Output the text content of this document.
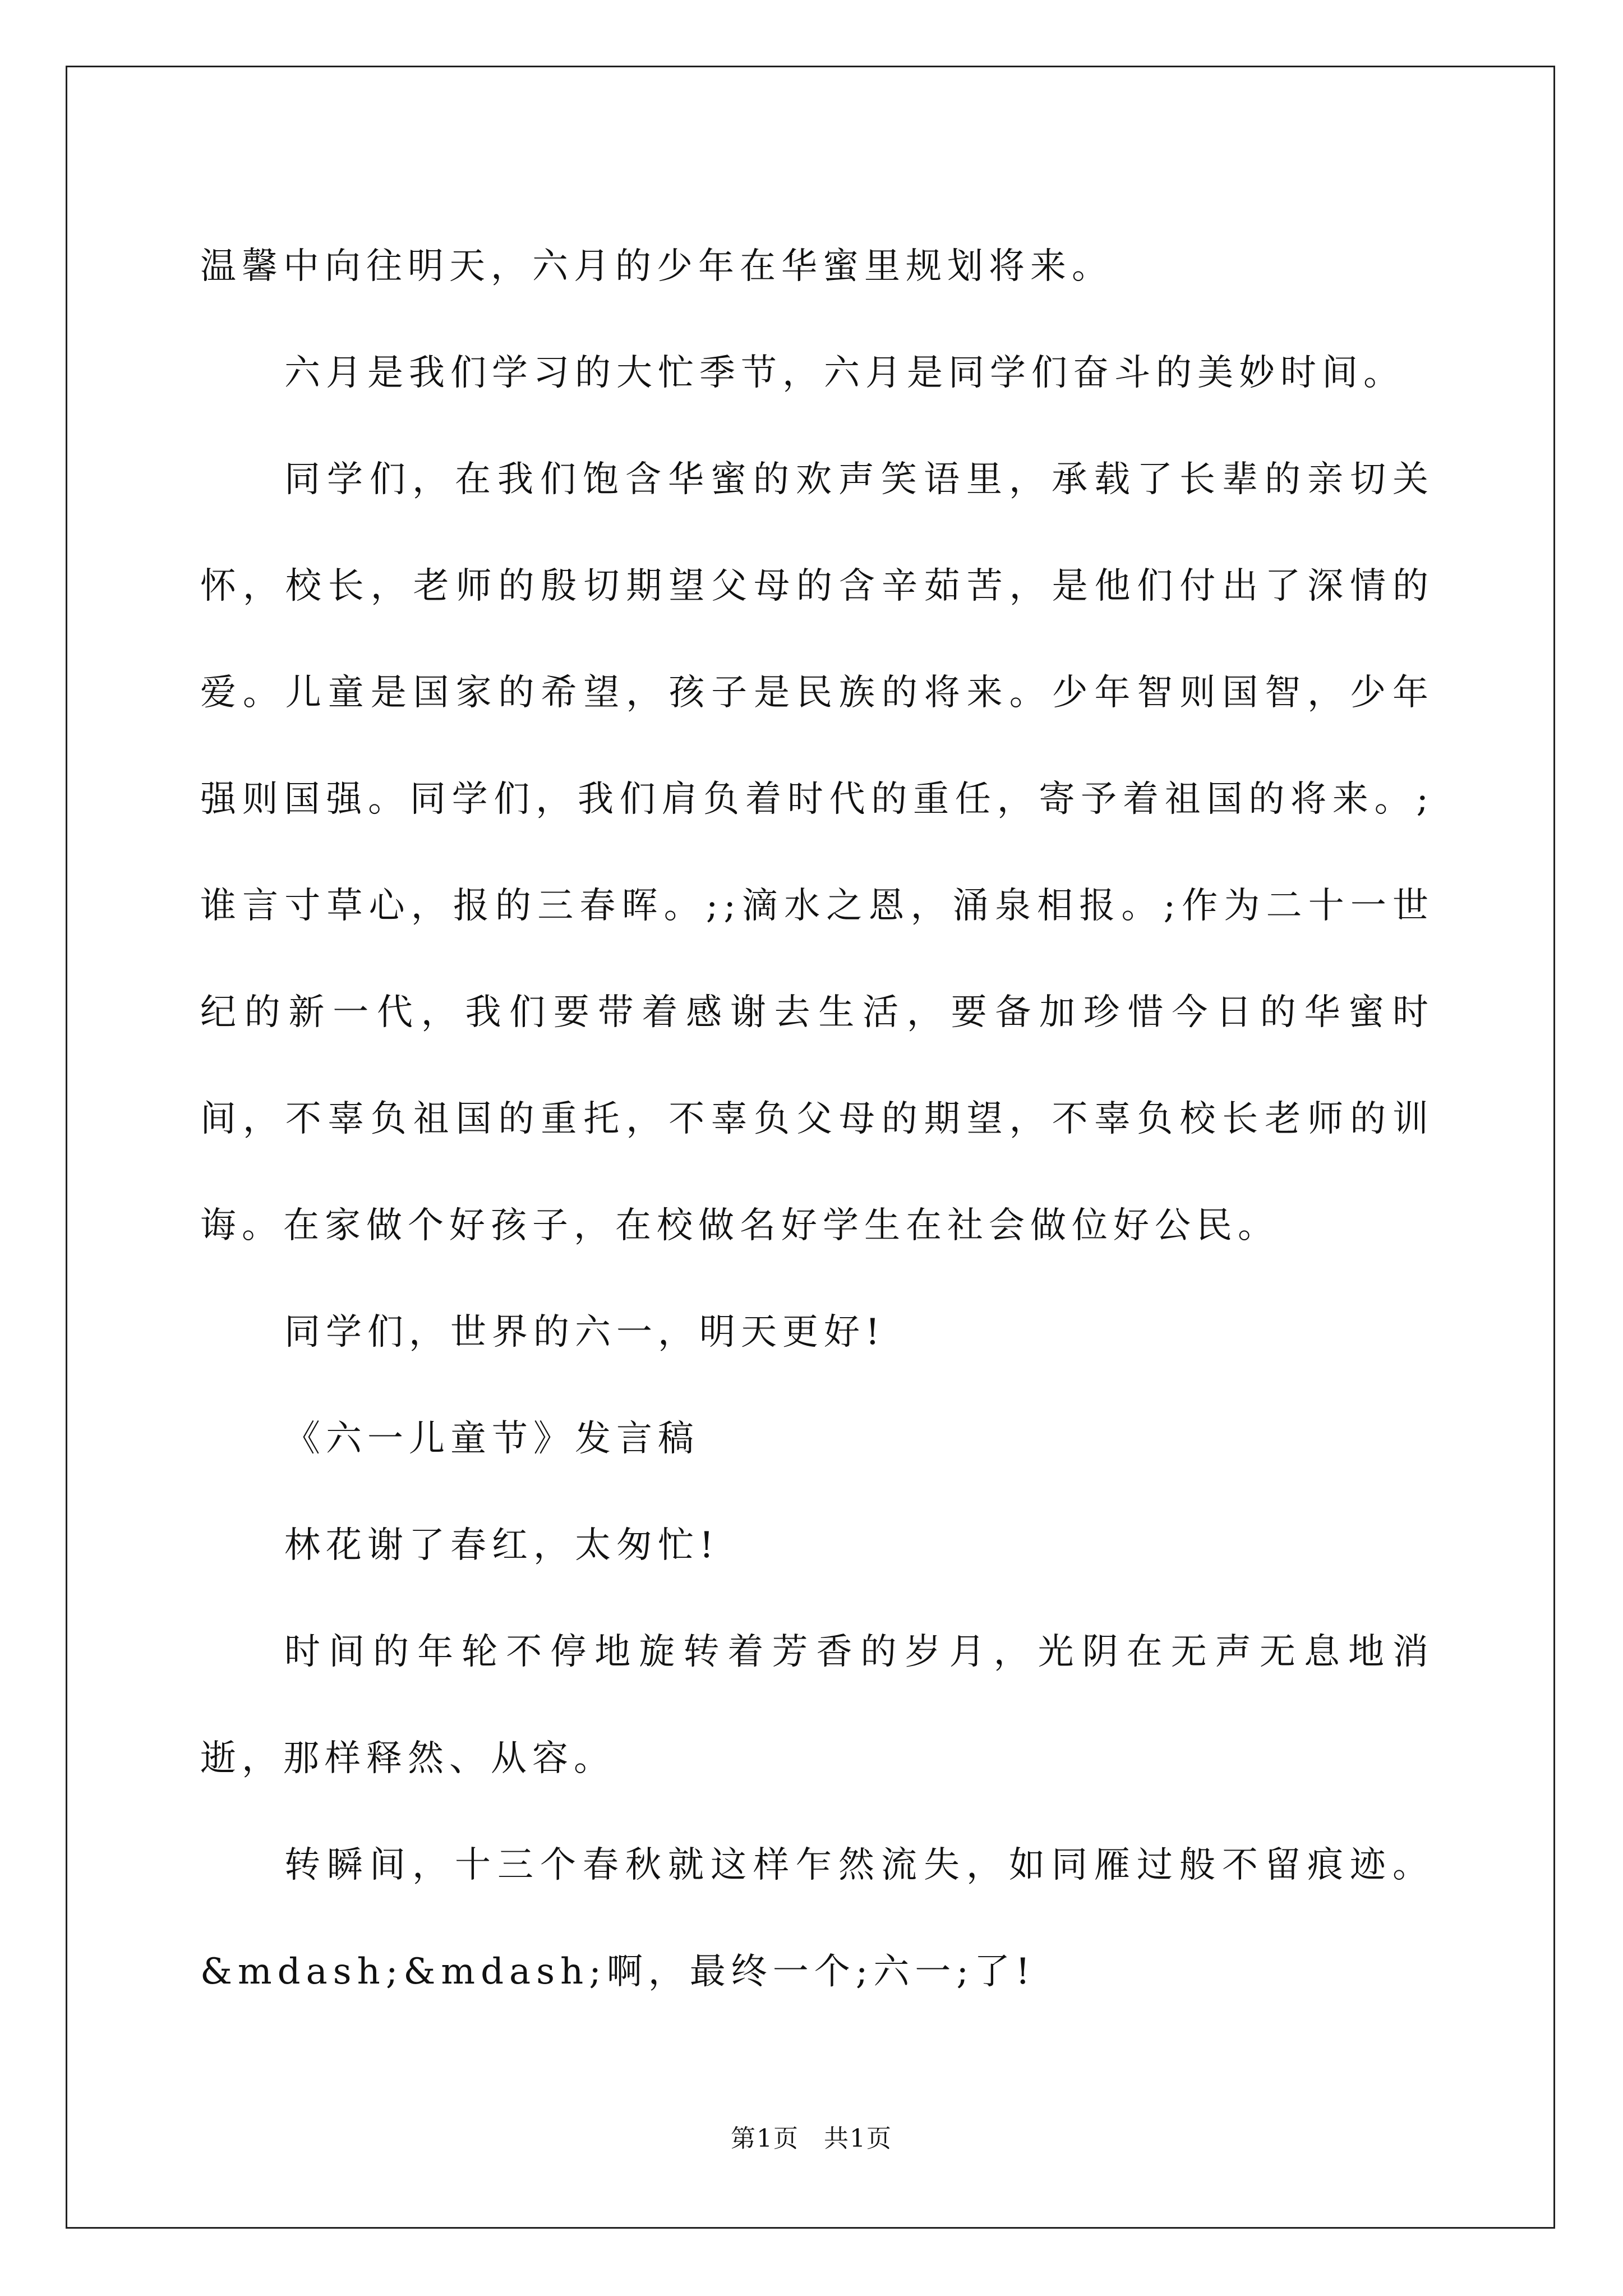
温馨中向往明天，六月的少年在华蜜里规划将来。

六月是我们学习的大忙季节，六月是同学们奋斗的美妙时间。

同学们，在我们饱含华蜜的欢声笑语里，承载了长辈的亲切关怀，校长，老师的殷切期望父母的含辛茹苦，是他们付出了深情的爱。儿童是国家的希望，孩子是民族的将来。少年智则国智，少年强则国强。同学们，我们肩负着时代的重任，寄予着祖国的将来。;谁言寸草心，报的三春晖。;;滴水之恩，涌泉相报。;作为二十一世纪的新一代，我们要带着感谢去生活，要备加珍惜今日的华蜜时间，不辜负祖国的重托，不辜负父母的期望，不辜负校长老师的训诲。在家做个好孩子，在校做名好学生在社会做位好公民。

同学们，世界的六一，明天更好!

《六一儿童节》发言稿

林花谢了春红，太匆忙!

时间的年轮不停地旋转着芳香的岁月，光阴在无声无息地消逝，那样释然、从容。

转瞬间，十三个春秋就这样乍然流失，如同雁过般不留痕迹。&mdash;&mdash;啊，最终一个;六一;了!

第1页 共1页
